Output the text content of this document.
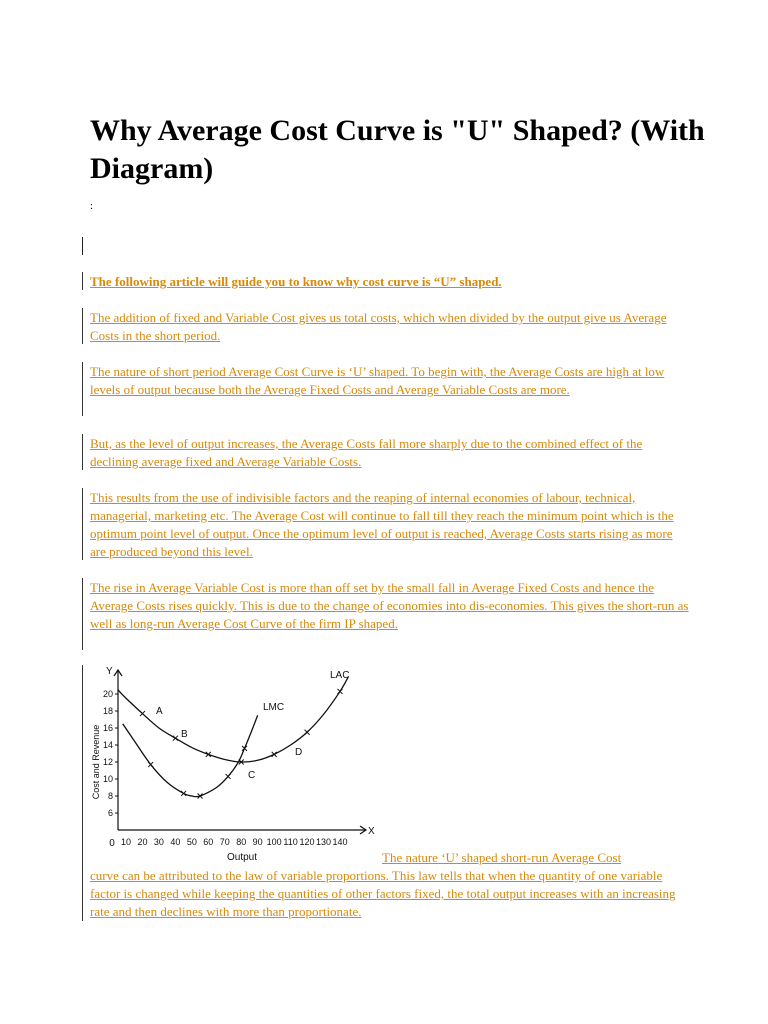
Why Average Cost Curve is "U" Shaped? (With Diagram)
:

The following article will guide you to know why cost curve is “U” shaped.

The addition of fixed and Variable Cost gives us total costs, which when divided by the output give us Average Costs in the short period.

The nature of short period Average Cost Curve is ‘U’ shaped. To begin with, the Average Costs are high at low levels of output because both the Average Fixed Costs and Average Variable Costs are more.

But, as the level of output increases, the Average Costs fall more sharply due to the combined effect of the declining average fixed and Average Variable Costs.

This results from the use of indivisible factors and the reaping of internal economies of labour, technical, managerial, marketing etc. The Average Cost will continue to fall till they reach the minimum point which is the optimum point level of output. Once the optimum level of output is reached, Average Costs starts rising as more are produced beyond this level.

The rise in Average Variable Cost is more than off set by the small fall in Average Fixed Costs and hence the Average Costs rises quickly. This is due to the change of economies into dis-economies. This gives the short-run as well as long-run Average Cost Curve of the firm IP shaped.

Y
X
0
Output
Cost and Revenue
10 20 30 40 50 60 70 80 90 100 110 120 130 140
6
8
10
12
14
16
18
20
LAC
LMC
A
B
C
D
The nature ‘U’ shaped short-run Average Cost

curve can be attributed to the law of variable proportions. This law tells that when the quantity of one variable factor is changed while keeping the quantities of other factors fixed, the total output increases with an increasing rate and then declines with more than proportionate.
